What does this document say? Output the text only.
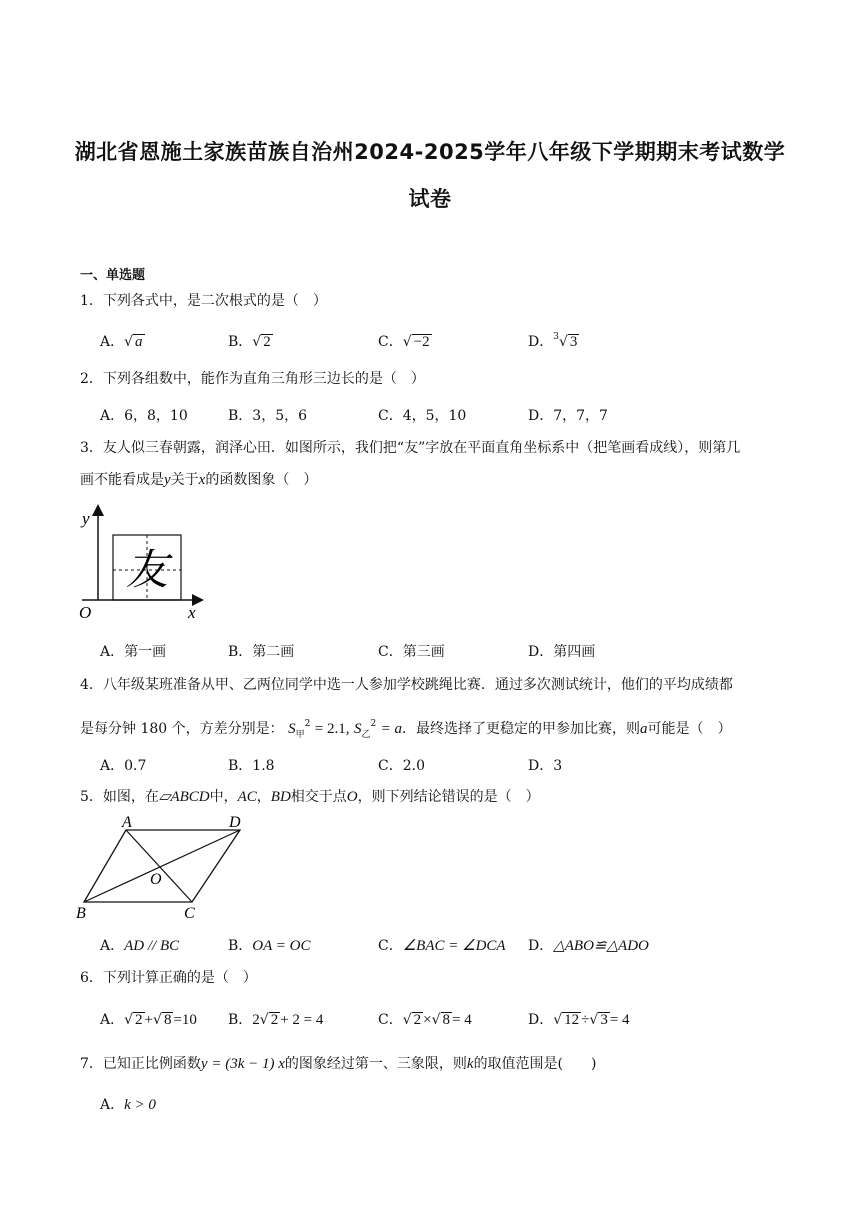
湖北省恩施土家族苗族自治州2024-2025学年八年级下学期期末考试数学
试卷
一、单选题
1．下列各式中，是二次根式的是（　）
A．√ a	B．√ 2	C．√ −2	D．$^3$√ 3
2．下列各组数中，能作为直角三角形三边长的是（　）
A．6，8，10	B．3，5，6	C．4，5，10	D．7，7，7
3．友人似三春朝露，润泽心田．如图所示，我们把“友”字放在平面直角坐标系中（把笔画看成线），则第几
画不能看成是y关于x的函数图象（　）
友
y
O	x
A．第一画	B．第二画	C．第三画	D．第四画
4．八年级某班准备从甲、乙两位同学中选一人参加学校跳绳比赛．通过多次测试统计，他们的平均成绩都
是每分钟 180 个，方差分别是： $S_甲^2 = 2.1$, $S_乙^2 = a$．最终选择了更稳定的甲参加比赛，则a可能是（　）
A．0.7	B．1.8	C．2.0	D．3
5．如图，在▱ABCD中，AC，BD相交于点O，则下列结论错误的是（　）
A	D
B	C
O
A．AD // BC	B．OA = OC	C．∠BAC = ∠DCA D．△ABO≌△ADO
6．下列计算正确的是（　）
A．√ 2 +√ 8 =10 B．2√ 2 + 2 = 4	C．√ 2 ×√ 8 = 4	D．√ 12 ÷√ 3 = 4
7．已知正比例函数y = (3k − 1) x的图象经过第一、三象限，则k的取值范围是(　　)
A．k > 0
